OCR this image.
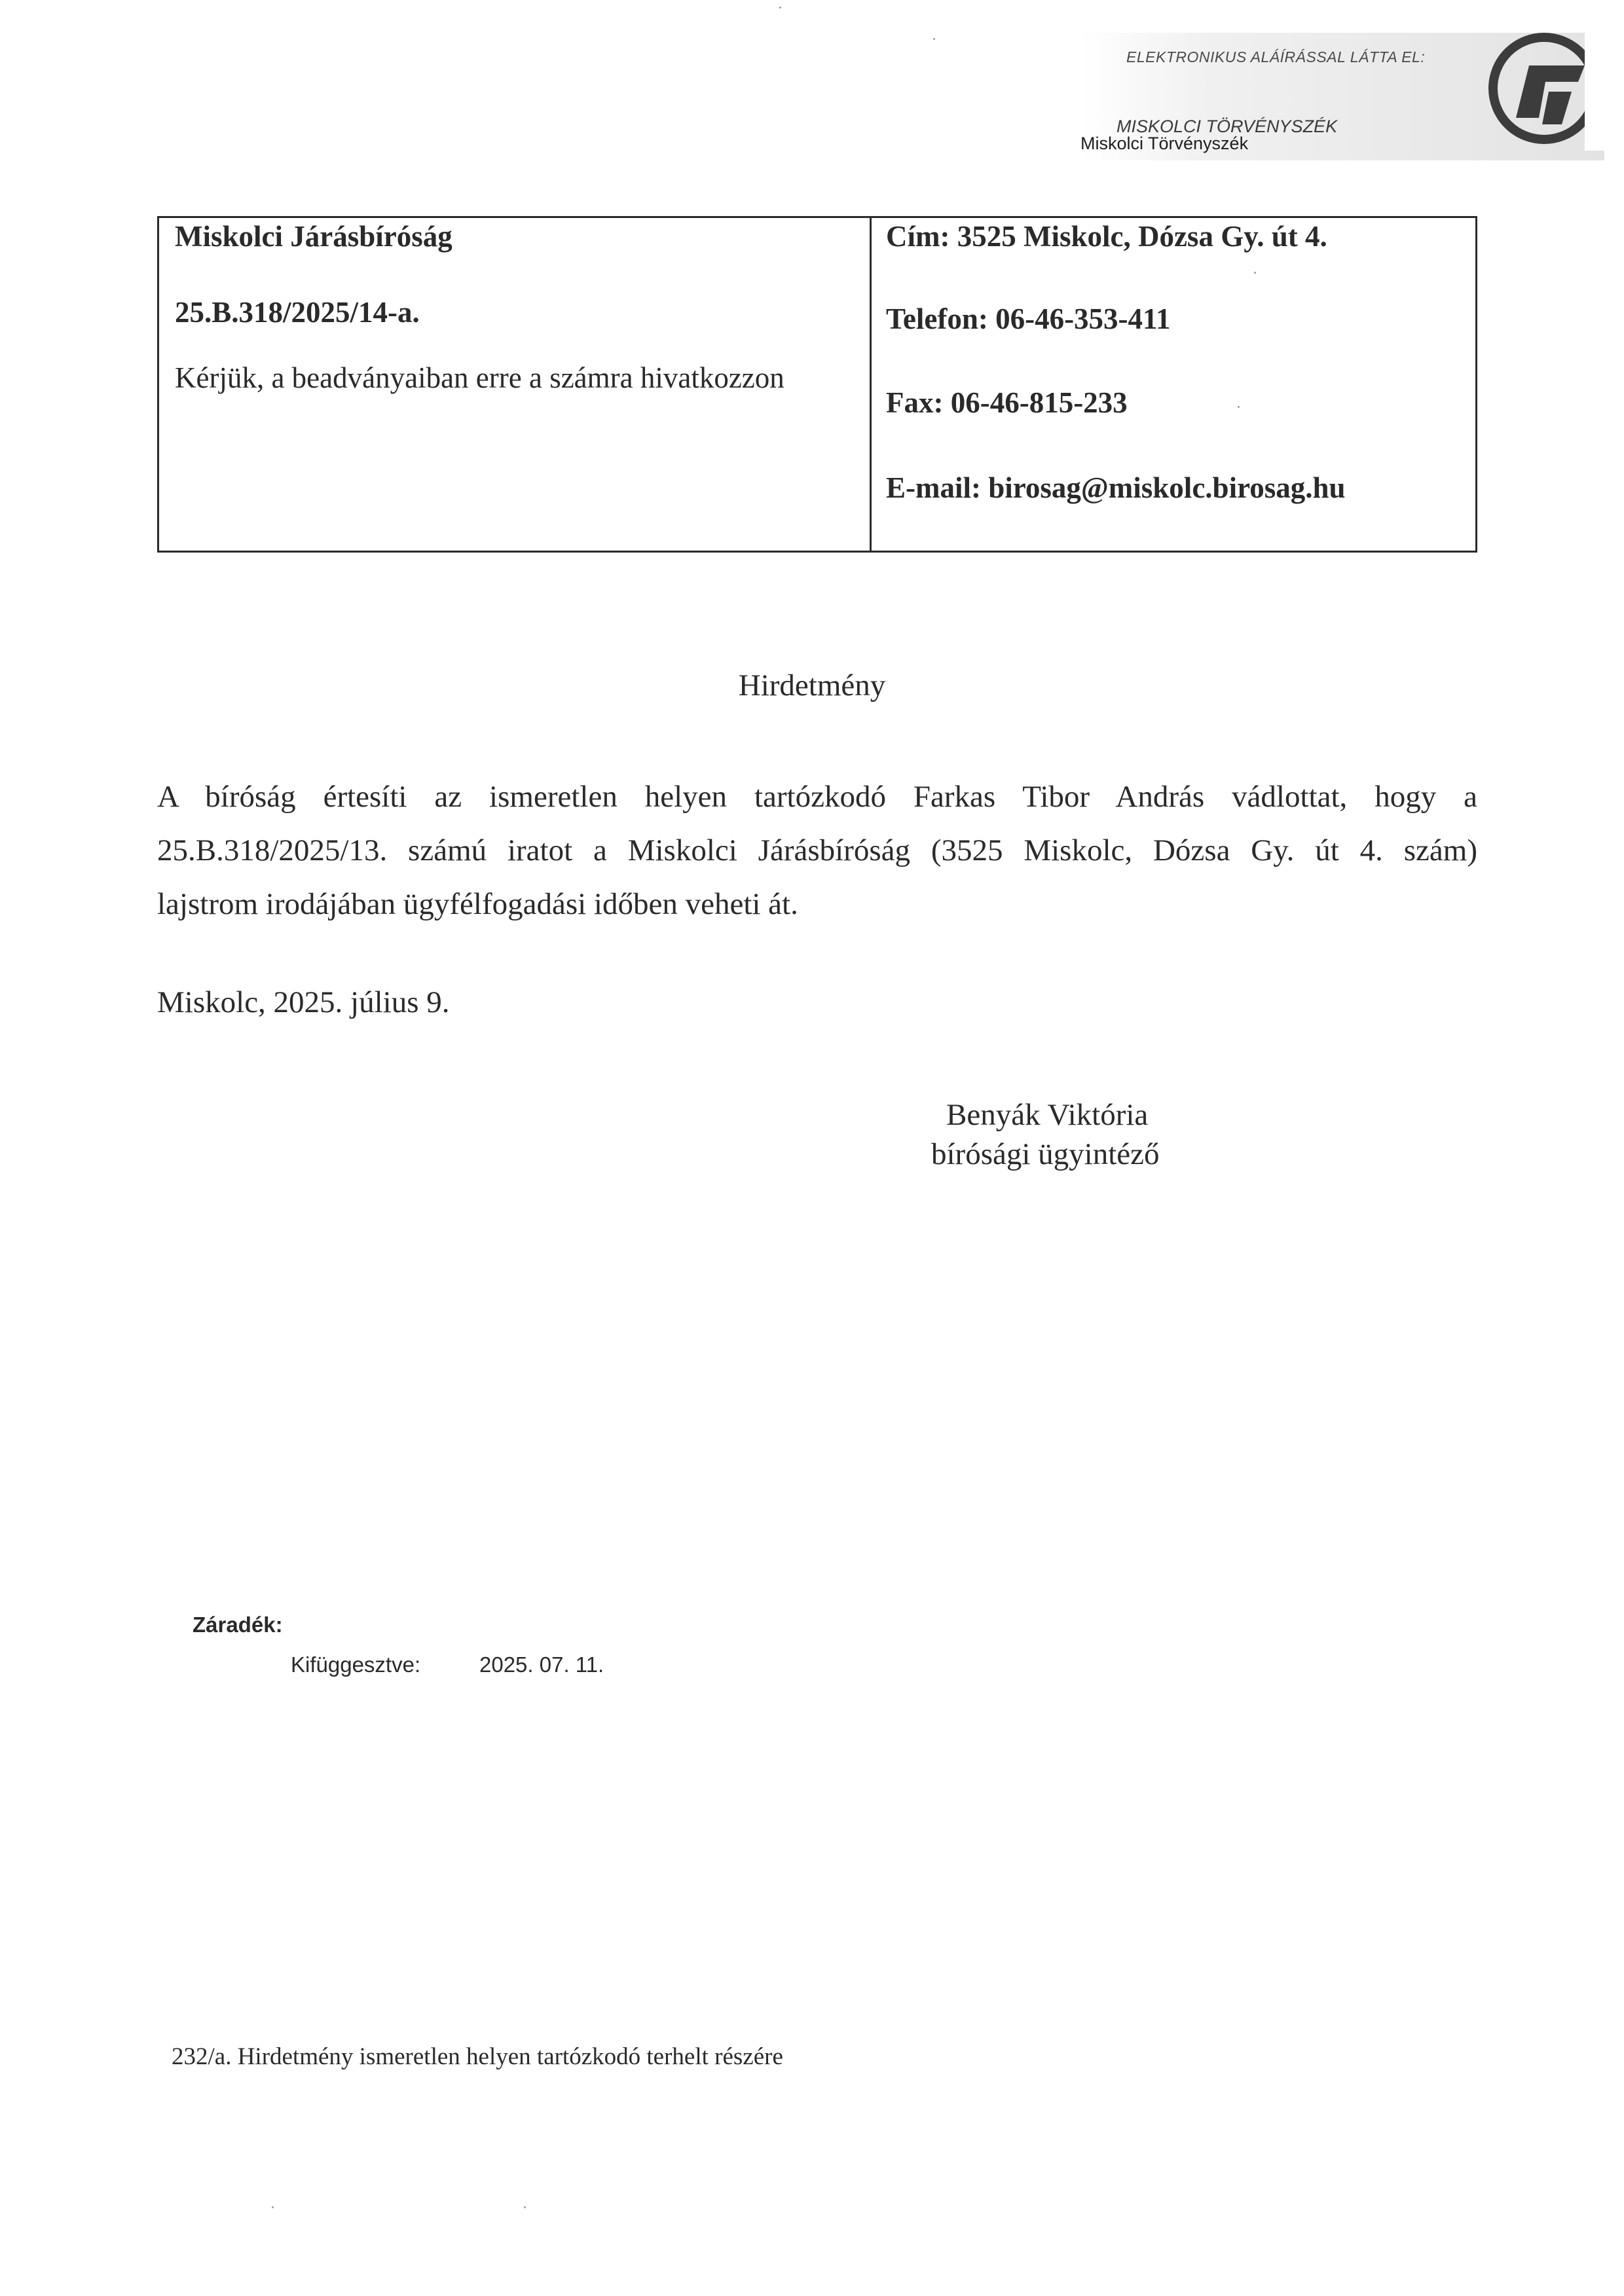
ELEKTRONIKUS ALÁÍRÁSSAL LÁTTA EL:
MISKOLCI TÖRVÉNYSZÉK
Miskolci Törvényszék
Miskolci Járásbíróság
25.B.318/2025/14-a.
Kérjük, a beadványaiban erre a számra hivatkozzon
Cím: 3525 Miskolc, Dózsa Gy. út 4.
Telefon: 06-46-353-411
Fax: 06-46-815-233
E-mail: birosag@miskolc.birosag.hu
Hirdetmény
A bíróság értesíti az ismeretlen helyen tartózkodó Farkas Tibor András vádlottat, hogy a
25.B.318/2025/13. számú iratot a Miskolci Járásbíróság (3525 Miskolc, Dózsa Gy. út 4. szám)
lajstrom irodájában ügyfélfogadási időben veheti át.
Miskolc, 2025. július 9.
Benyák Viktória
bírósági ügyintéző
Záradék:
Kifüggesztve:	2025. 07. 11.
232/a. Hirdetmény ismeretlen helyen tartózkodó terhelt részére
